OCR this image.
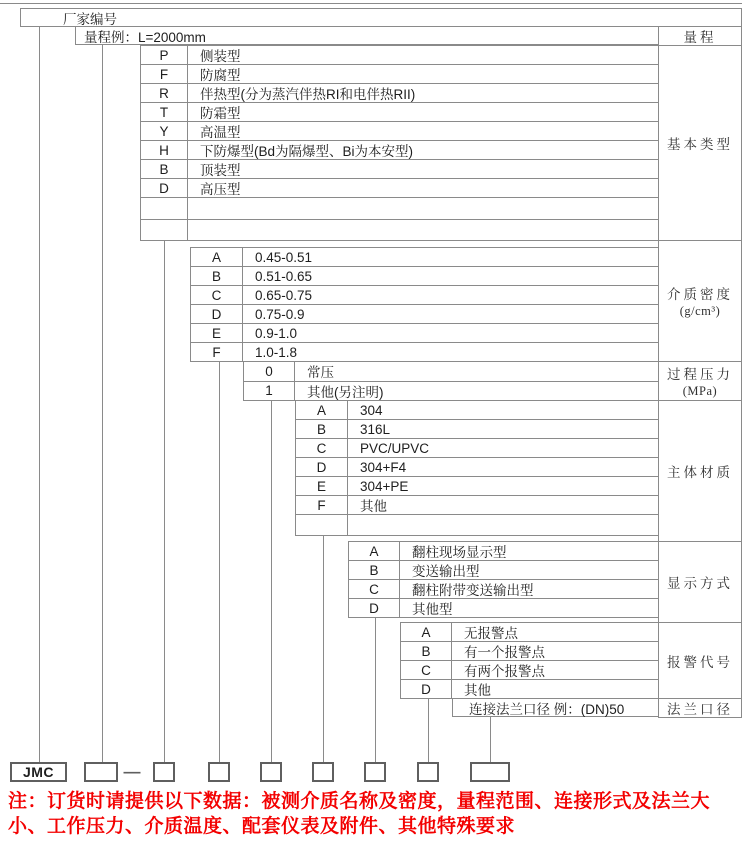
厂家编号
量程例：L=2000mm	量程
基本类型
介质密度
(g/cm³)
过程压力
(MPa)
主体材质
显示方式
报警代号
法兰口径
P	侧装型
F	防腐型
R	伴热型(分为蒸汽伴热RI和电伴热RII)
T	防霜型
Y	高温型
H	下防爆型(Bd为隔爆型、Bi为本安型)
B	顶装型
D	高压型
A	0.45-0.51
B	0.51-0.65
C	0.65-0.75
D	0.75-0.9
E	0.9-1.0
F	1.0-1.8
0	常压
1	其他(另注明)
A	304
B	316L
C	PVC/UPVC
D	304+F4
E	304+PE
F	其他
A	翻柱现场显示型
B	变送输出型
C	翻柱附带变送输出型
D	其他型
A	无报警点
B	有一个报警点
C	有两个报警点
D	其他
连接法兰口径 例：(DN)50
JMC	—
注：订货时请提供以下数据：被测介质名称及密度，量程范围、连接形式及法兰大小、工作压力、介质温度、配套仪表及附件、其他特殊要求
